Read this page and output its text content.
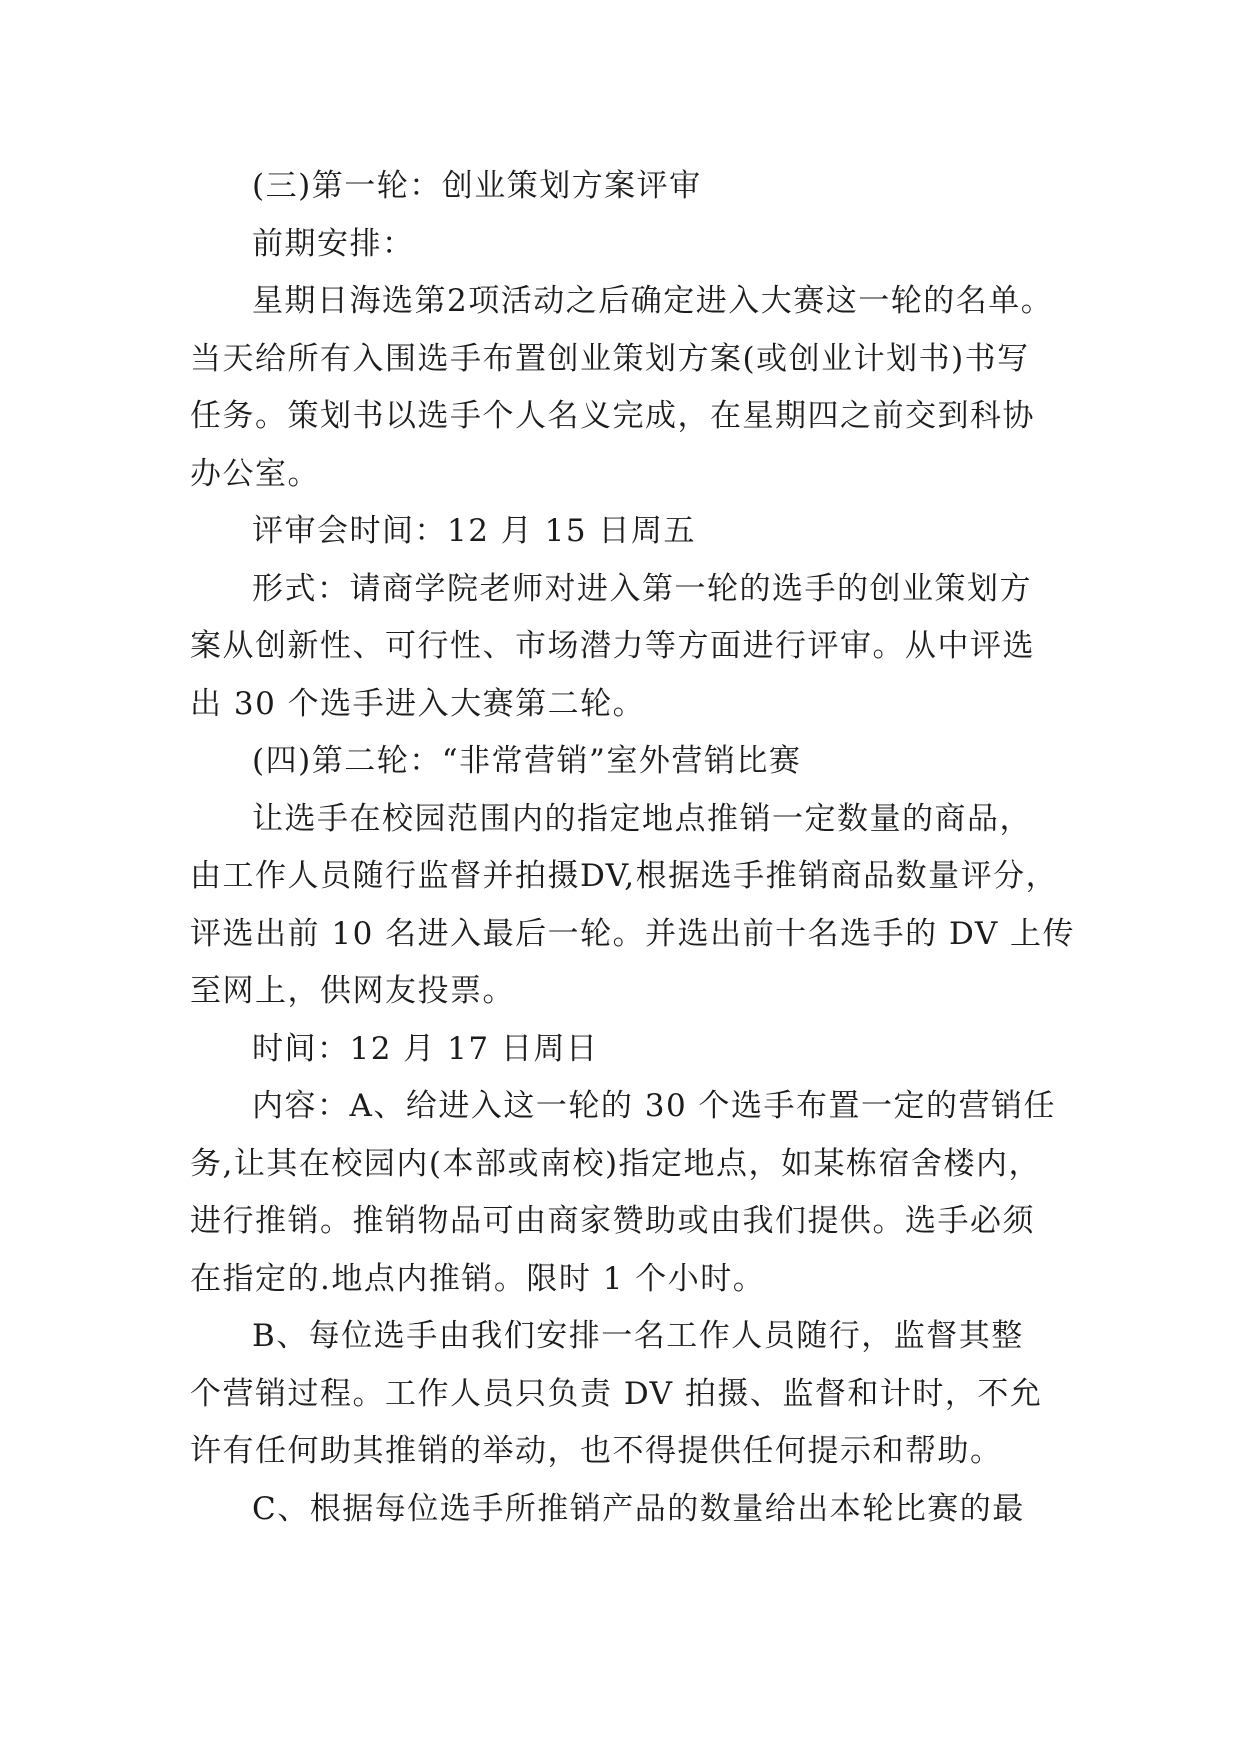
(三)第一轮：创业策划方案评审
前期安排：
星期日海选第2项活动之后确定进入大赛这一轮的名单。
当天给所有入围选手布置创业策划方案(或创业计划书)书写
任务。策划书以选手个人名义完成，在星期四之前交到科协
办公室。
评审会时间：12 月 15 日周五
形式：请商学院老师对进入第一轮的选手的创业策划方
案从创新性、可行性、市场潜力等方面进行评审。从中评选
出 30 个选手进入大赛第二轮。
(四)第二轮：“非常营销”室外营销比赛
让选手在校园范围内的指定地点推销一定数量的商品，
由工作人员随行监督并拍摄DV,根据选手推销商品数量评分，
评选出前 10 名进入最后一轮。并选出前十名选手的 DV 上传
至网上，供网友投票。
时间：12 月 17 日周日
内容：A、给进入这一轮的 30 个选手布置一定的营销任
务,让其在校园内(本部或南校)指定地点，如某栋宿舍楼内，
进行推销。推销物品可由商家赞助或由我们提供。选手必须
在指定的.地点内推销。限时 1 个小时。
B、每位选手由我们安排一名工作人员随行，监督其整
个营销过程。工作人员只负责 DV 拍摄、监督和计时，不允
许有任何助其推销的举动，也不得提供任何提示和帮助。
C、根据每位选手所推销产品的数量给出本轮比赛的最
